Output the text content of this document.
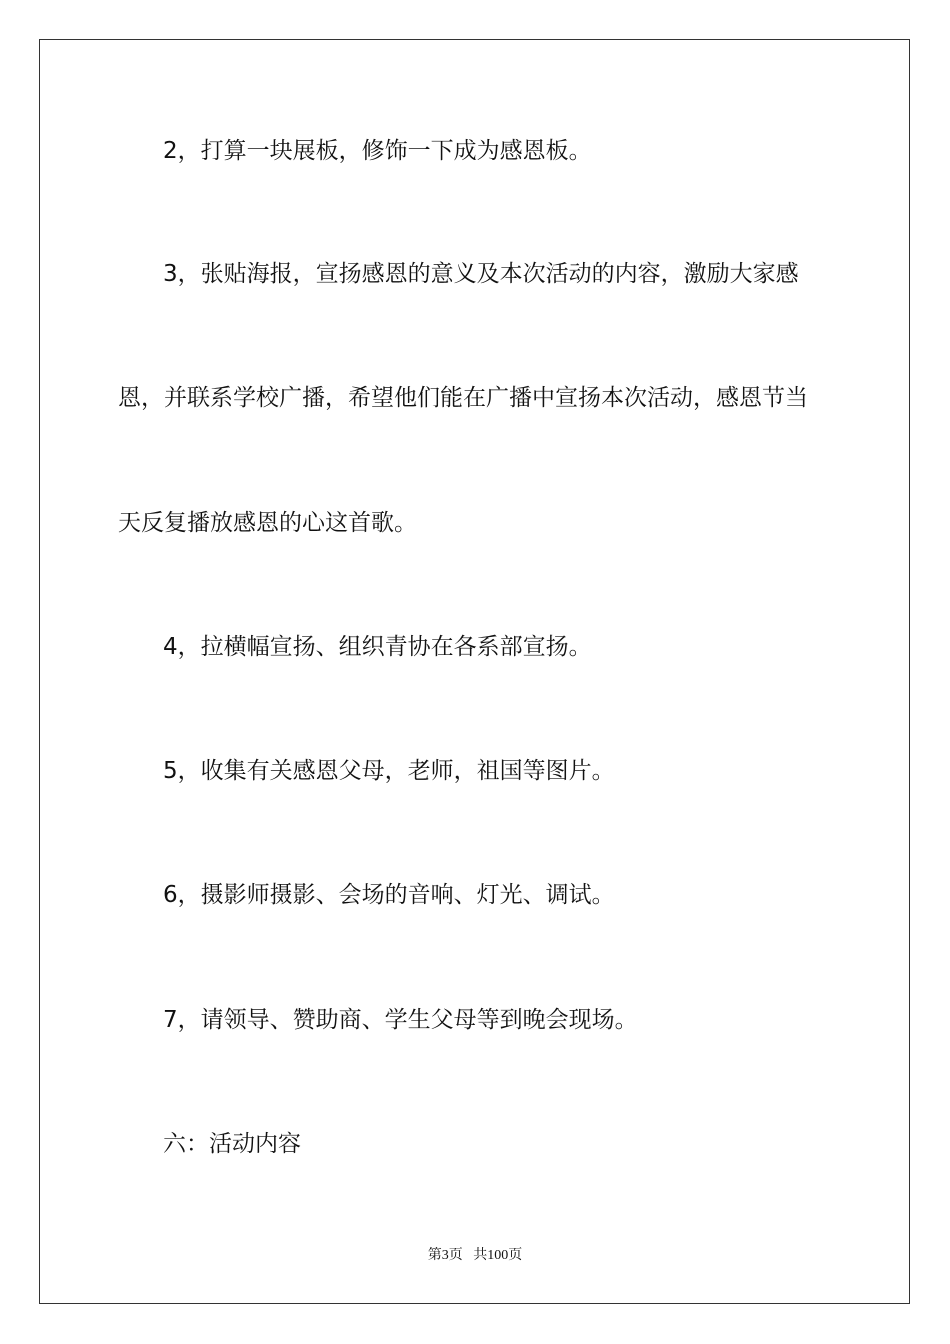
2，打算一块展板，修饰一下成为感恩板。

3，张贴海报，宣扬感恩的意义及本次活动的内容，激励大家感

恩，并联系学校广播，希望他们能在广播中宣扬本次活动，感恩节当

天反复播放感恩的心这首歌。

4，拉横幅宣扬、组织青协在各系部宣扬。

5，收集有关感恩父母，老师，祖国等图片。

6，摄影师摄影、会场的音响、灯光、调试。

7，请领导、赞助商、学生父母等到晚会现场。

六：活动内容

第3页   共100页
